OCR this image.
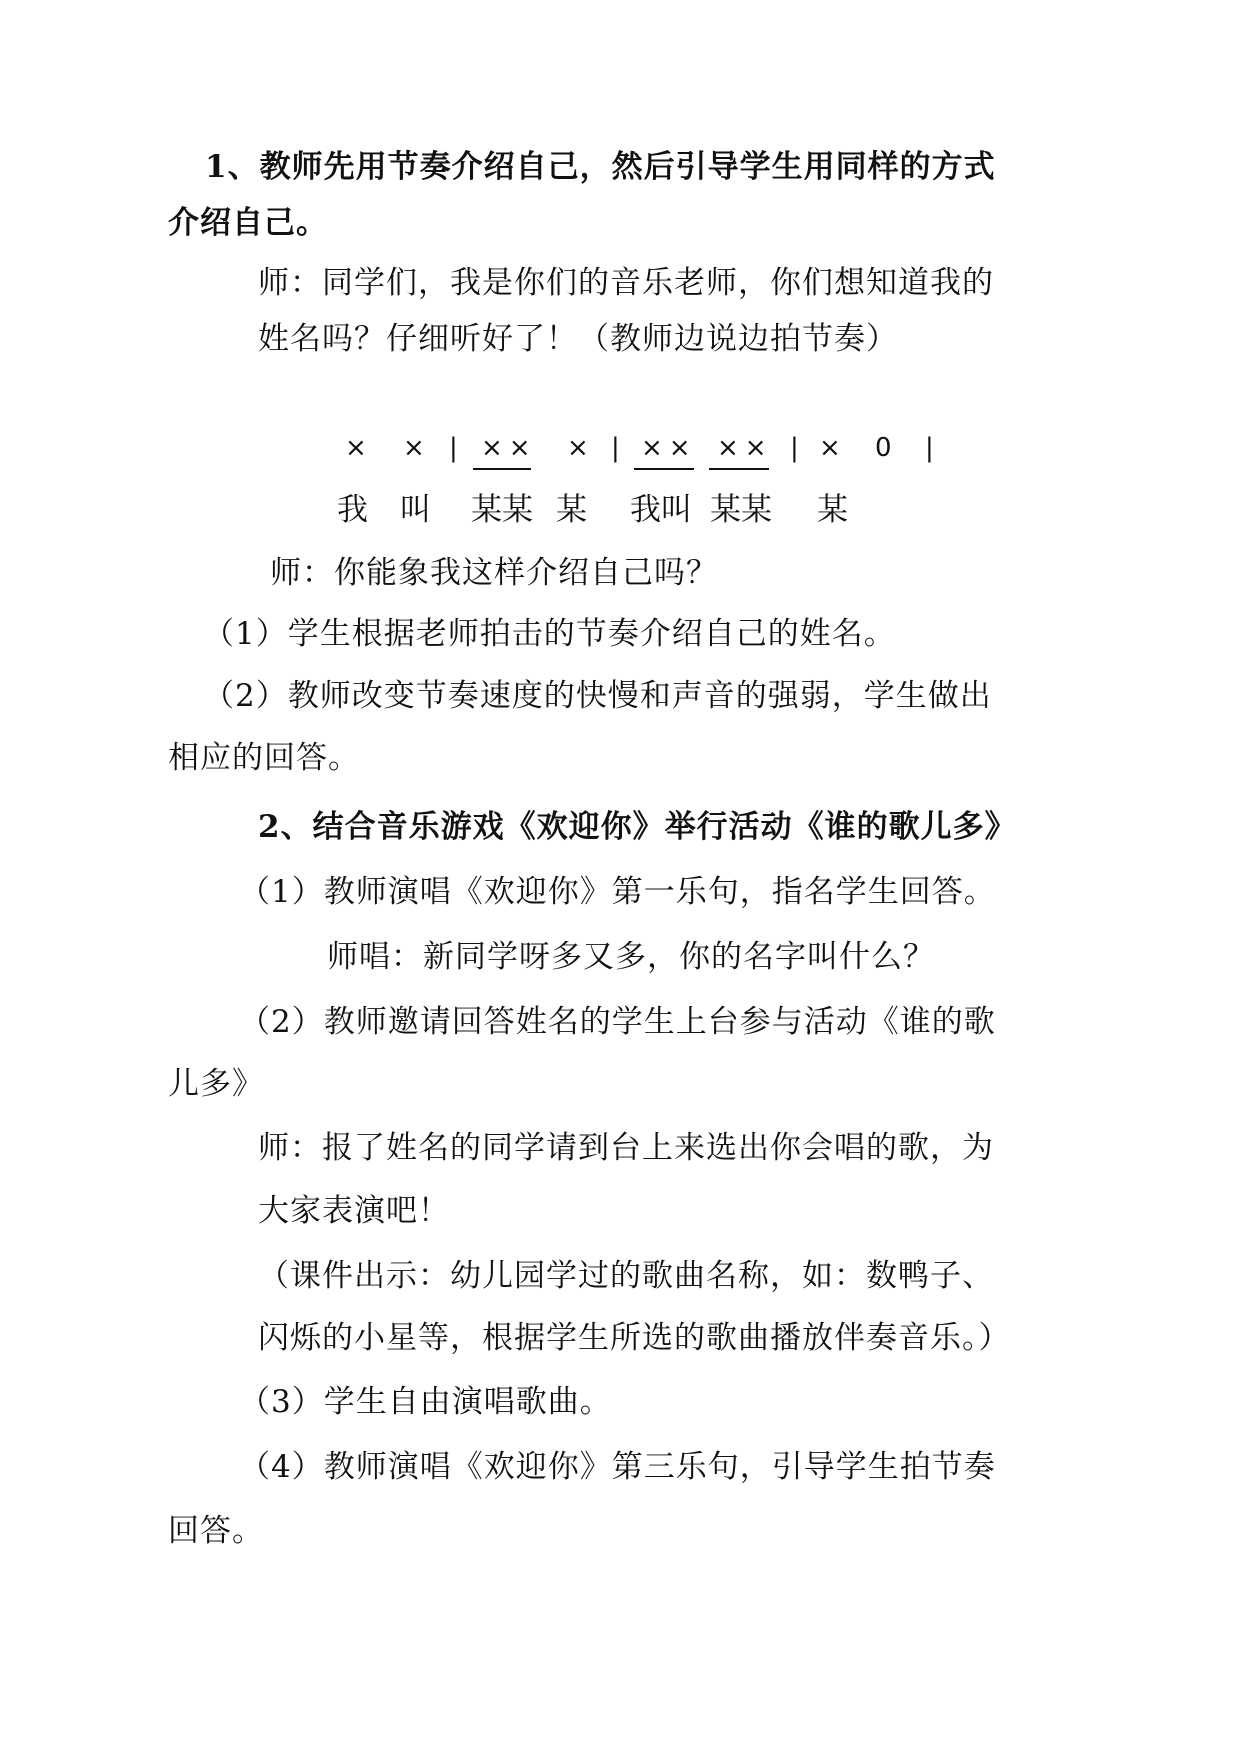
1、教师先用节奏介绍自己，然后引导学生用同样的方式
介绍自己。
师：同学们，我是你们的音乐老师，你们想知道我的
姓名吗？仔细听好了！（教师边说边拍节奏）
× × | ×× × | ×× ×× | × 0 |
我 叫 某某 某 我叫 某某 某
师：你能象我这样介绍自己吗？
（1）学生根据老师拍击的节奏介绍自己的姓名。
（2）教师改变节奏速度的快慢和声音的强弱，学生做出
相应的回答。
2、结合音乐游戏《欢迎你》举行活动《谁的歌儿多》
（1）教师演唱《欢迎你》第一乐句，指名学生回答。
师唱：新同学呀多又多，你的名字叫什么？
（2）教师邀请回答姓名的学生上台参与活动《谁的歌
儿多》
师：报了姓名的同学请到台上来选出你会唱的歌，为
大家表演吧！
（课件出示：幼儿园学过的歌曲名称，如：数鸭子、
闪烁的小星等，根据学生所选的歌曲播放伴奏音乐。）
（3）学生自由演唱歌曲。
（4）教师演唱《欢迎你》第三乐句，引导学生拍节奏
回答。
